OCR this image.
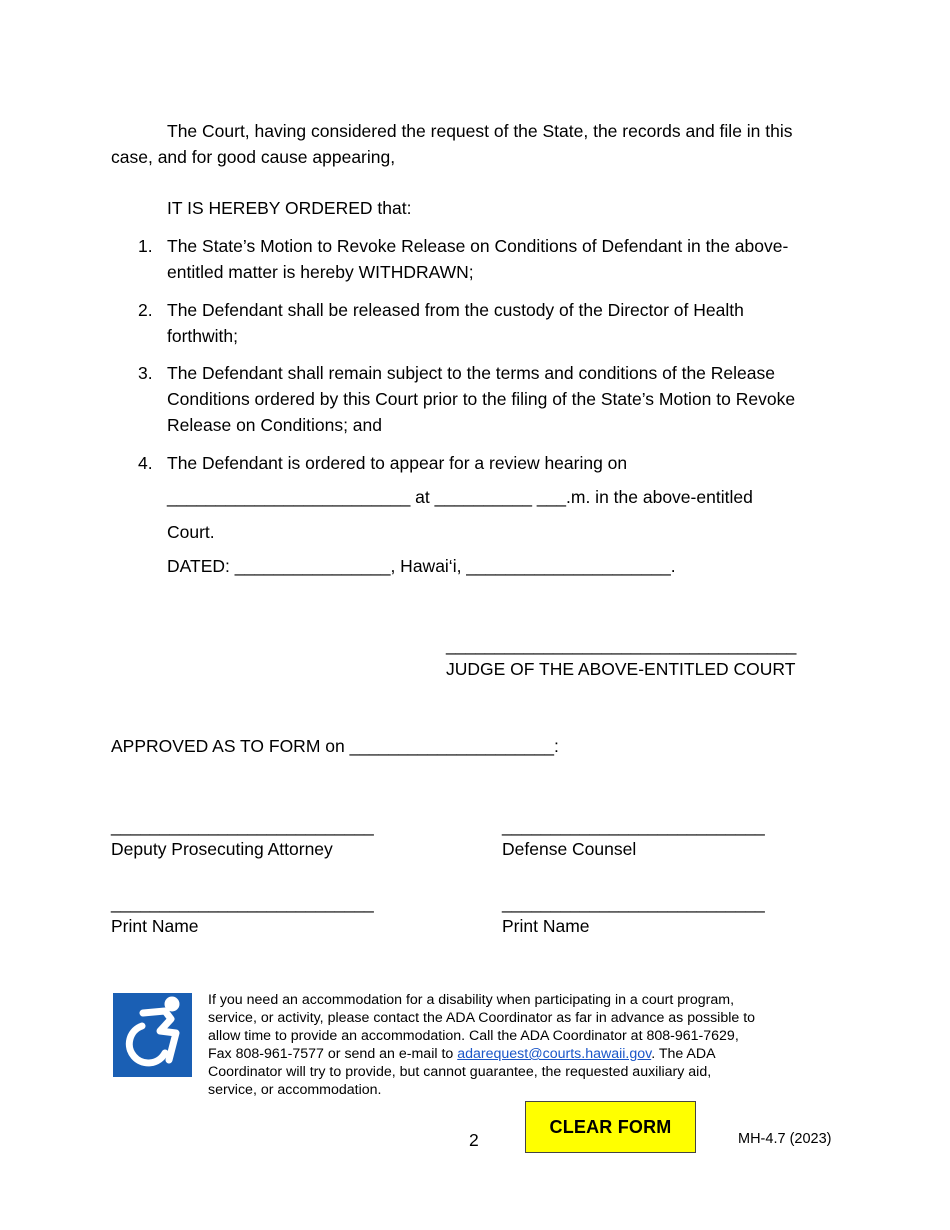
The Court, having considered the request of the State, the records and file in this
case, and for good cause appearing,
IT IS HEREBY ORDERED that:
1. The State’s Motion to Revoke Release on Conditions of Defendant in the above-
entitled matter is hereby WITHDRAWN;
2. The Defendant shall be released from the custody of the Director of Health
forthwith;
3. The Defendant shall remain subject to the terms and conditions of the Release
Conditions ordered by this Court prior to the filing of the State’s Motion to Revoke
Release on Conditions; and
4. The Defendant is ordered to appear for a review hearing on
_________________________ at __________ ___.m. in the above-entitled
Court.
DATED: ________________, Hawai‘i, _____________________.
____________________________________
JUDGE OF THE ABOVE-ENTITLED COURT
APPROVED AS TO FORM on _____________________:
___________________________
Deputy Prosecuting Attorney
___________________________
Defense Counsel
___________________________
Print Name
___________________________
Print Name
If you need an accommodation for a disability when participating in a court program,
service, or activity, please contact the ADA Coordinator as far in advance as possible to
allow time to provide an accommodation. Call the ADA Coordinator at 808-961-7629,
Fax 808-961-7577 or send an e-mail to adarequest@courts.hawaii.gov. The ADA
Coordinator will try to provide, but cannot guarantee, the requested auxiliary aid,
service, or accommodation.
2
CLEAR FORM
MH-4.7 (2023)
